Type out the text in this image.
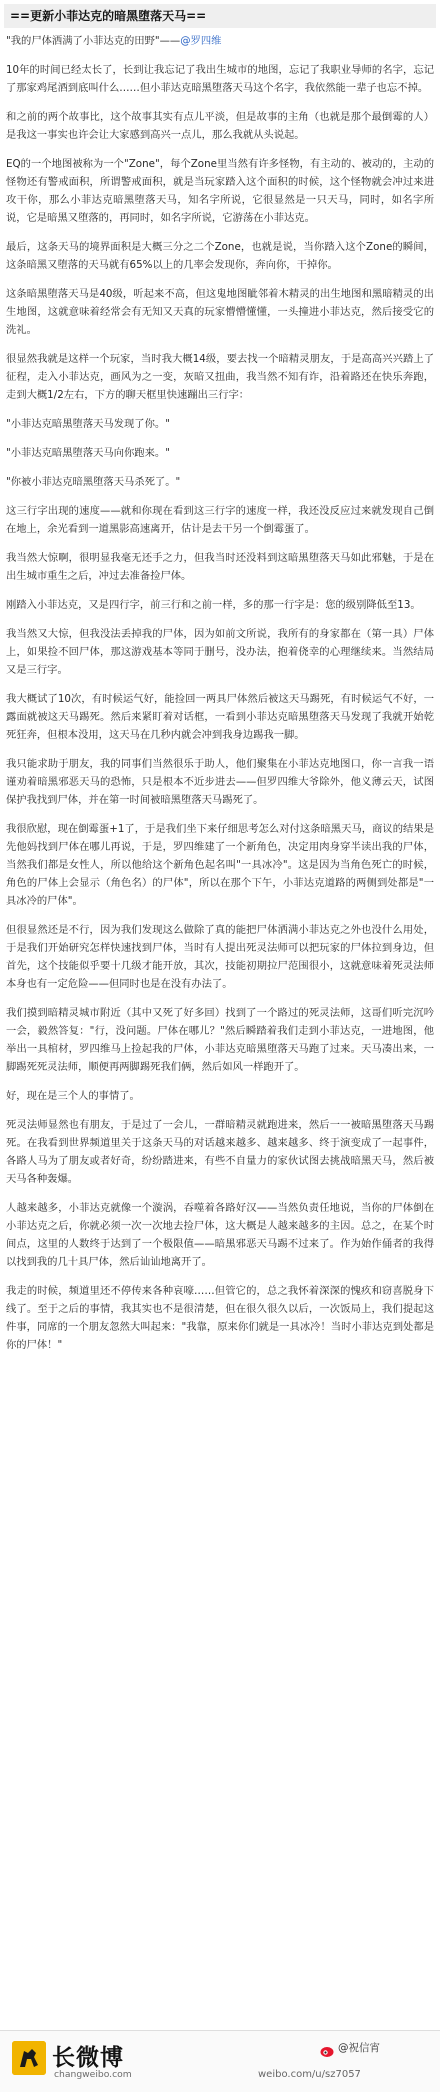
==更新小菲达克的暗黑堕落天马==

"我的尸体洒满了小菲达克的田野"——@罗四维

10年的时间已经太长了，长到让我忘记了我出生城市的地图，忘记了我职业导师的名字，忘记了那家鸡尾酒到底叫什么……但小菲达克暗黑堕落天马这个名字，我依然能一辈子也忘不掉。

和之前的两个故事比，这个故事其实有点儿平淡，但是故事的主角（也就是那个最倒霉的人）是我这一事实也许会让大家感到高兴一点儿，那么我就从头说起。

EQ的一个地图被称为一个"Zone"，每个Zone里当然有许多怪物，有主动的、被动的，主动的怪物还有警戒面积，所谓警戒面积，就是当玩家踏入这个面积的时候，这个怪物就会冲过来进攻干你，那么小菲达克暗黑堕落天马，知名字所说，它很显然是一只天马，同时，如名字所说，它是暗黑又堕落的，再同时，如名字所说，它游荡在小菲达克。

最后，这条天马的境界面积是大概三分之二个Zone，也就是说，当你踏入这个Zone的瞬间，这条暗黑又堕落的天马就有65%以上的几率会发现你，奔向你，干掉你。

这条暗黑堕落天马是40级，听起来不高，但这鬼地图眦邻着木精灵的出生地图和黑暗精灵的出生地图，这就意味着经常会有无知又天真的玩家懵懵懂懂，一头撞进小菲达克，然后接受它的洗礼。

很显然我就是这样一个玩家，当时我大概14级，要去找一个暗精灵朋友，于是高高兴兴踏上了征程，走入小菲达克，画风为之一变，灰暗又扭曲，我当然不知有诈，沿着路还在快乐奔跑，走到大概1/2左右，下方的聊天框里快速蹦出三行字：

"小菲达克暗黑堕落天马发现了你。"

"小菲达克暗黑堕落天马向你跑来。"

"你被小菲达克暗黑堕落天马杀死了。"

这三行字出现的速度——就和你现在看到这三行字的速度一样，我还没反应过来就发现自己倒在地上，余光看到一道黑影高速离开，估计是去干另一个倒霉蛋了。

我当然大惊啊，很明显我毫无还手之力，但我当时还没料到这暗黑堕落天马如此邪魅，于是在出生城市重生之后，冲过去准备捡尸体。

刚踏入小菲达克，又是四行字，前三行和之前一样，多的那一行字是：您的级别降低至13。

我当然又大惊，但我没法丢掉我的尸体，因为如前文所说，我所有的身家都在（第一具）尸体上，如果捡不回尸体，那这游戏基本等同于删号，没办法，抱着侥幸的心理继续来。当然结局又是三行字。

我大概试了10次，有时候运气好，能捡回一两具尸体然后被这天马踢死，有时候运气不好，一露面就被这天马踢死。然后来紧盯着对话框，一看到小菲达克暗黑堕落天马发现了我就开始乾死狂奔，但根本没用，这天马在几秒内就会冲到我身边踢我一脚。

我只能求助于朋友，我的同事们当然很乐于助人，他们聚集在小菲达克地图口，你一言我一语谨劝着暗黑邪恶天马的恐怖，只是根本不近步进去——但罗四维大爷除外，他义薄云天，试图保护我找到尸体，并在第一时间被暗黑堕落天马踢死了。

我很欣慰，现在倒霉蛋+1了，于是我们坐下来仔细思考怎么对付这条暗黑天马，商议的结果是先他妈找到尸体在哪儿再说，于是，罗四维建了一个新角色，决定用肉身穿半读出我的尸体，当然我们都是女性人，所以他给这个新角色起名叫"一具冰冷"。这是因为当角色死亡的时候，角色的尸体上会显示（角色名）的尸体"，所以在那个下午，小菲达克道路的两侧到处都是"一具冰冷的尸体"。

但很显然还是不行，因为我们发现这么做除了真的能把尸体洒满小菲达克之外也没什么用处，于是我们开始研究怎样快速找到尸体，当时有人提出死灵法师可以把玩家的尸体拉到身边，但首先，这个技能似乎要十几级才能开放，其次，技能初期拉尸范围很小，这就意味着死灵法师本身也有一定危险——但同时也是在没有办法了。

我们摸到暗精灵城市附近（其中又死了好多回）找到了一个路过的死灵法师，这哥们听完沉吟一会，毅然答复："行，没问题。尸体在哪儿？"然后瞬踏着我们走到小菲达克，一进地图，他举出一具棺材，罗四维马上捡起我的尸体，小菲达克暗黑堕落天马跑了过来。天马凑出来，一脚踢死死灵法师，顺便再两脚踢死我们俩，然后如风一样跑开了。

好，现在是三个人的事情了。

死灵法师显然也有朋友，于是过了一会儿，一群暗精灵就跑进来，然后一一被暗黑堕落天马踢死。在我看到世界频道里关于这条天马的对话越来越多、越来越多、终于演变成了一起事件，各路人马为了朋友或者好奇，纷纷踏进来，有些不自量力的家伙试图去挑战暗黑天马，然后被天马各种轰爆。

人越来越多，小菲达克就像一个漩涡，吞噬着各路好汉——当然负责任地说，当你的尸体倒在小菲达克之后，你就必须一次一次地去捡尸体，这大概是人越来越多的主因。总之，在某个时间点，这里的人数终于达到了一个极限值——暗黑邪恶天马踢不过来了。作为始作俑者的我得以找到我的几十具尸体，然后讪讪地离开了。

我走的时候，频道里还不停传来各种哀嚎……但管它的，总之我怀着深深的愧疚和窃喜脱身下线了。至于之后的事情，我其实也不是很清楚，但在很久很久以后，一次饭局上，我们提起这件事，同席的一个朋友忽然大叫起来："我靠，原来你们就是一具冰冷！当时小菲达克到处都是你的尸体！"

长微博
changweibo.com
@祝信宵
weibo.com/u/sz7057
